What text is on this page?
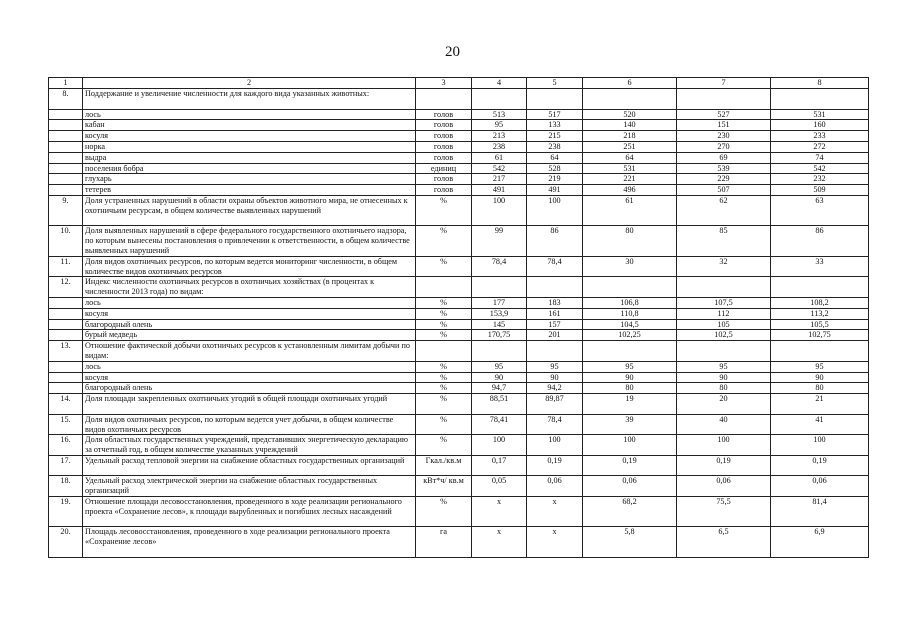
20
1	2	3	4	5	6	7	8
8.	Поддержание и увеличение численности для каждого вида указанных животных:						
	лось	голов	513	517	520	527	531
	кабан	голов	95	133	140	151	160
	косуля	голов	213	215	218	230	233
	норка	голов	238	238	251	270	272
	выдра	голов	61	64	64	69	74
	поселения бобра	единиц	542	528	531	539	542
	глухарь	голов	217	219	221	229	232
	тетерев	голов	491	491	496	507	509
9.	Доля устраненных нарушений в области охраны объектов животного мира, не отнесенных к охотничьим ресурсам, в общем количестве выявленных нарушений	%	100	100	61	62	63
10.	Доля выявленных нарушений в сфере федерального государственного охотничьего надзора, по которым вынесены постановления о привлечении к ответственности, в общем количестве выявленных нарушений	%	99	86	80	85	86
11.	Доля видов охотничьих ресурсов, по которым ведется мониторинг численности, в общем количестве видов охотничьих ресурсов	%	78,4	78,4	30	32	33
12.	Индекс численности охотничьих ресурсов в охотничьих хозяйствах (в процентах к численности 2013 года) по видам:						
	лось	%	177	183	106,8	107,5	108,2
	косуля	%	153,9	161	110,8	112	113,2
	благородный олень	%	145	157	104,5	105	105,5
	бурый медведь	%	170,75	201	102,25	102,5	102,75
13.	Отношение фактической добычи охотничьих ресурсов к установленным лимитам добычи по видам:						
	лось	%	95	95	95	95	95
	косуля	%	90	90	90	90	90
	благородный олень	%	94,7	94,2	80	80	80
14.	Доля площади закрепленных охотничьих угодий в общей площади охотничьих угодий	%	88,51	89,87	19	20	21
15.	Доля видов охотничьих ресурсов, по которым ведется учет добычи, в общем количестве видов охотничьих ресурсов	%	78,41	78,4	39	40	41
16.	Доля областных государственных учреждений, представивших энергетическую декларацию за отчетный год, в общем количестве указанных учреждений	%	100	100	100	100	100
17.	Удельный расход тепловой энергии на снабжение областных государственных организаций	Гкал./кв.м	0,17	0,19	0,19	0,19	0,19
18.	Удельный расход электрической энергии на снабжение областных государственных организаций	кВт*ч/ кв.м	0,05	0,06	0,06	0,06	0,06
19.	Отношение площади лесовосстановления, проведенного в ходе реализации регионального проекта «Сохранение лесов», к площади вырубленных и погибших лесных насаждений	%	х	х	68,2	75,5	81,4
20.	Площадь лесовосстановления, проведенного в ходе реализации регионального проекта «Сохранение лесов»	га	х	х	5,8	6,5	6,9
